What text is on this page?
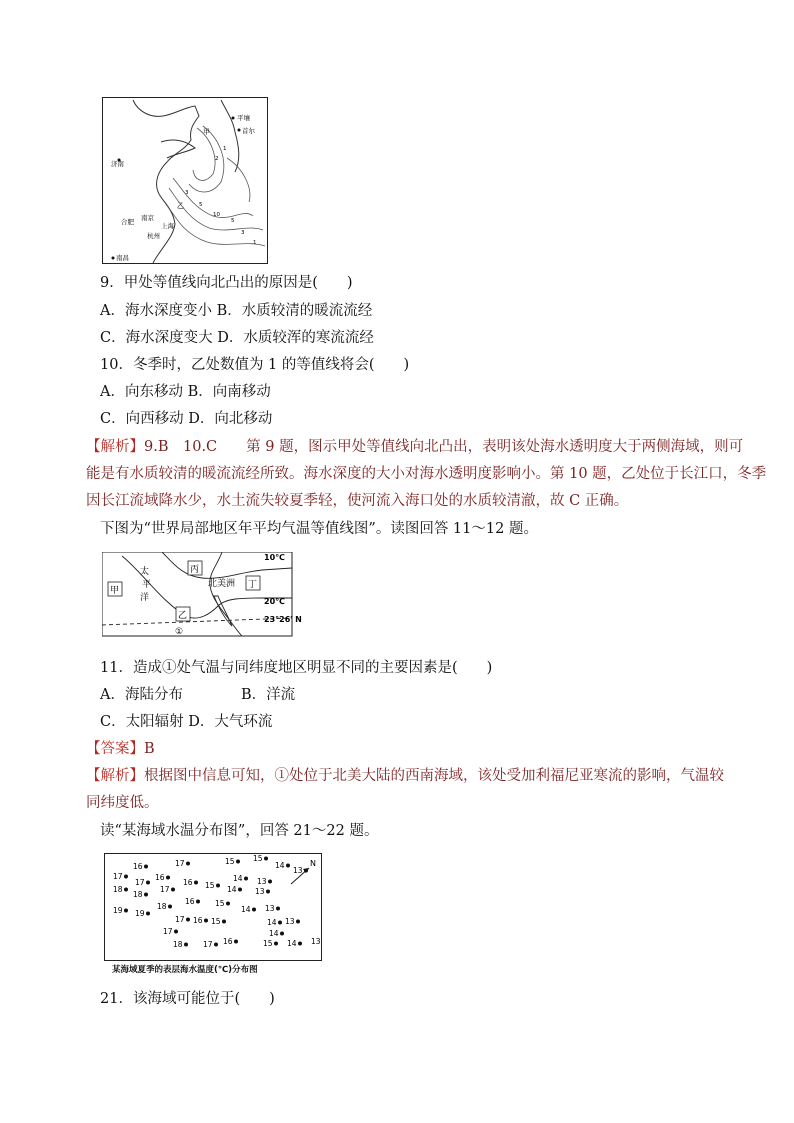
平壤
首尔
甲
济南
乙
合肥 南京
上海
杭州
南昌
1
2
3
5
10
5
3
1
9．甲处等值线向北凸出的原因是(　　)
A．海水深度变小 B．水质较清的暖流流经
C．海水深度变大 D．水质较浑的寒流流经
10．冬季时，乙处数值为 1 的等值线将会(　　)
A．向东移动 B．向南移动
C．向西移动 D．向北移动
【解析】9.B　10.C　　第 9 题，图示甲处等值线向北凸出，表明该处海水透明度大于两侧海域，则可
能是有水质较清的暖流流经所致。海水深度的大小对海水透明度影响小。第 10 题，乙处位于长江口，冬季
因长江流域降水少，水土流失较夏季轻，使河流入海口处的水质较清澈，故 C 正确。
下图为“世界局部地区年平均气温等值线图”。读图回答 11～12 题。
甲
丙
乙
丁
太
平
洋
北美洲
①
10℃
20℃
23°26′ N
11．造成①处气温与同纬度地区明显不同的主要因素是(　　)
A．海陆分布　　　　B．洋流
C．太阳辐射 D．大气环流
【答案】B
【解析】根据图中信息可知，①处位于北美大陆的西南海域，该处受加利福尼亚寒流的影响，气温较
同纬度低。
读“某海域水温分布图”，回答 21～22 题。
N
17
16	17	15 15
14
13
18
17
16
16 15
14 13
18
17	14 13
19 19
18
16	15
14 13
17 16 15	14 13
17	14
18	17 16	15 14 13
某海域夏季的表层海水温度(℃)分布图
21．该海域可能位于(　　)
